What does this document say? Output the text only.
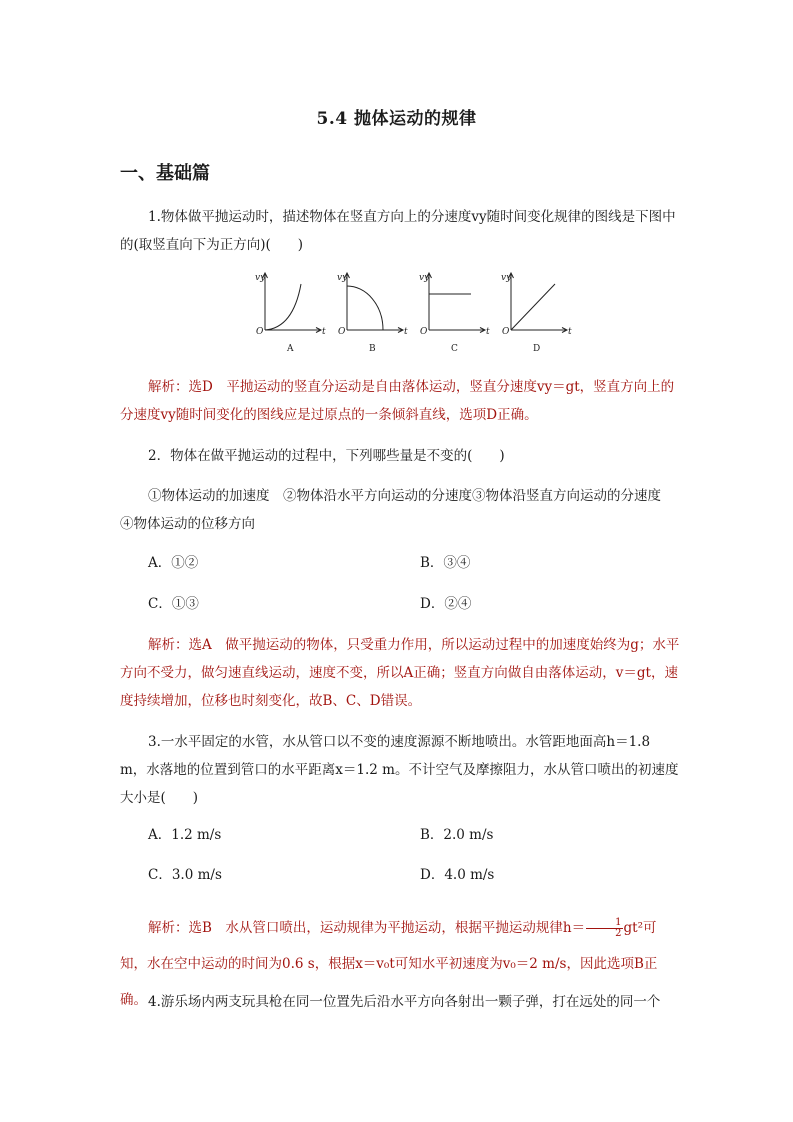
5.4 抛体运动的规律
一、基础篇

1.物体做平抛运动时，描述物体在竖直方向上的分速度vy随时间变化规律的图线是下图中的(取竖直向下为正方向)(　　)

vy
t
O
A
vy
t
O
B
vy
t
O
C
vy
t
O
D

解析：选D　平抛运动的竖直分运动是自由落体运动，竖直分速度vy＝gt，竖直方向上的分速度vy随时间变化的图线应是过原点的一条倾斜直线，选项D正确。

2．物体在做平抛运动的过程中，下列哪些量是不变的(　　)

①物体运动的加速度　②物体沿水平方向运动的分速度③物体沿竖直方向运动的分速度　④物体运动的位移方向

A．①②	B．③④
C．①③	D．②④

解析：选A　做平抛运动的物体，只受重力作用，所以运动过程中的加速度始终为g；水平方向不受力，做匀速直线运动，速度不变，所以A正确；竖直方向做自由落体运动，v＝gt，速度持续增加，位移也时刻变化，故B、C、D错误。

3.一水平固定的水管，水从管口以不变的速度源源不断地喷出。水管距地面高h＝1.8 m，水落地的位置到管口的水平距离x＝1.2 m。不计空气及摩擦阻力，水从管口喷出的初速度大小是(　　)

A．1.2 m/s	B．2.0 m/s
C．3.0 m/s	D．4.0 m/s

解析：选B　水从管口喷出，运动规律为平抛运动，根据平抛运动规律$h= \frac{1}{2} gt^2$可知，水在空中运动的时间为0.6 s，根据x＝v₀t可知水平初速度为v₀＝2 m/s，因此选项B正确。 4.游乐场内两支玩具枪在同一位置先后沿水平方向各射出一颗子弹，打在远处的同一个
